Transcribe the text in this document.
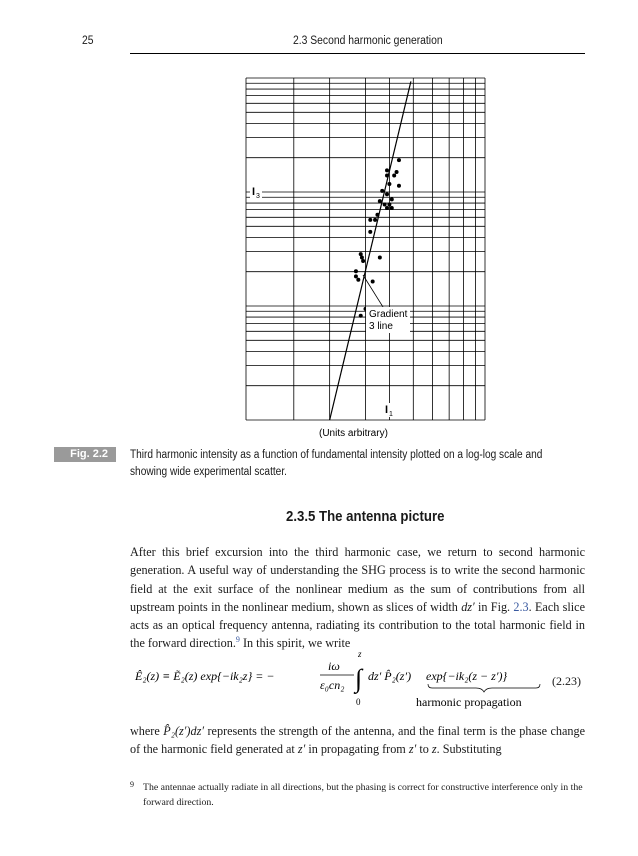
25	2.3 Second harmonic generation
Gradient
3 line
I 3
I 1
(Units arbitrary)
Fig. 2.2	Third harmonic intensity as a function of fundamental intensity plotted on a log-log scale and showing wide experimental scatter.
2.3.5 The antenna picture
After this brief excursion into the third harmonic case, we return to second harmonic generation. A useful way of understanding the SHG process is to write the second harmonic field at the exit surface of the nonlinear medium as the sum of contributions from all upstream points in the nonlinear medium, shown as slices of width dz′ in Fig. 2.3. Each slice acts as an optical frequency antenna, radiating its contribution to the total harmonic field in the forward direction.$^9$ In this spirit, we write
Ê₂(z) ≡ Ẽ₂(z) exp{−ik₂z} = −
iω
ε₀cn₂
z
∫
0
dz′ P̂₂(z′) exp{−ik₂(z − z′)}
harmonic propagation
(2.23)
where P̂₂(z′)dz′ represents the strength of the antenna, and the final term is the phase change of the harmonic field generated at z′ in propagating from z′ to z. Substituting
9 The antennae actually radiate in all directions, but the phasing is correct for constructive interference only in the forward direction.
